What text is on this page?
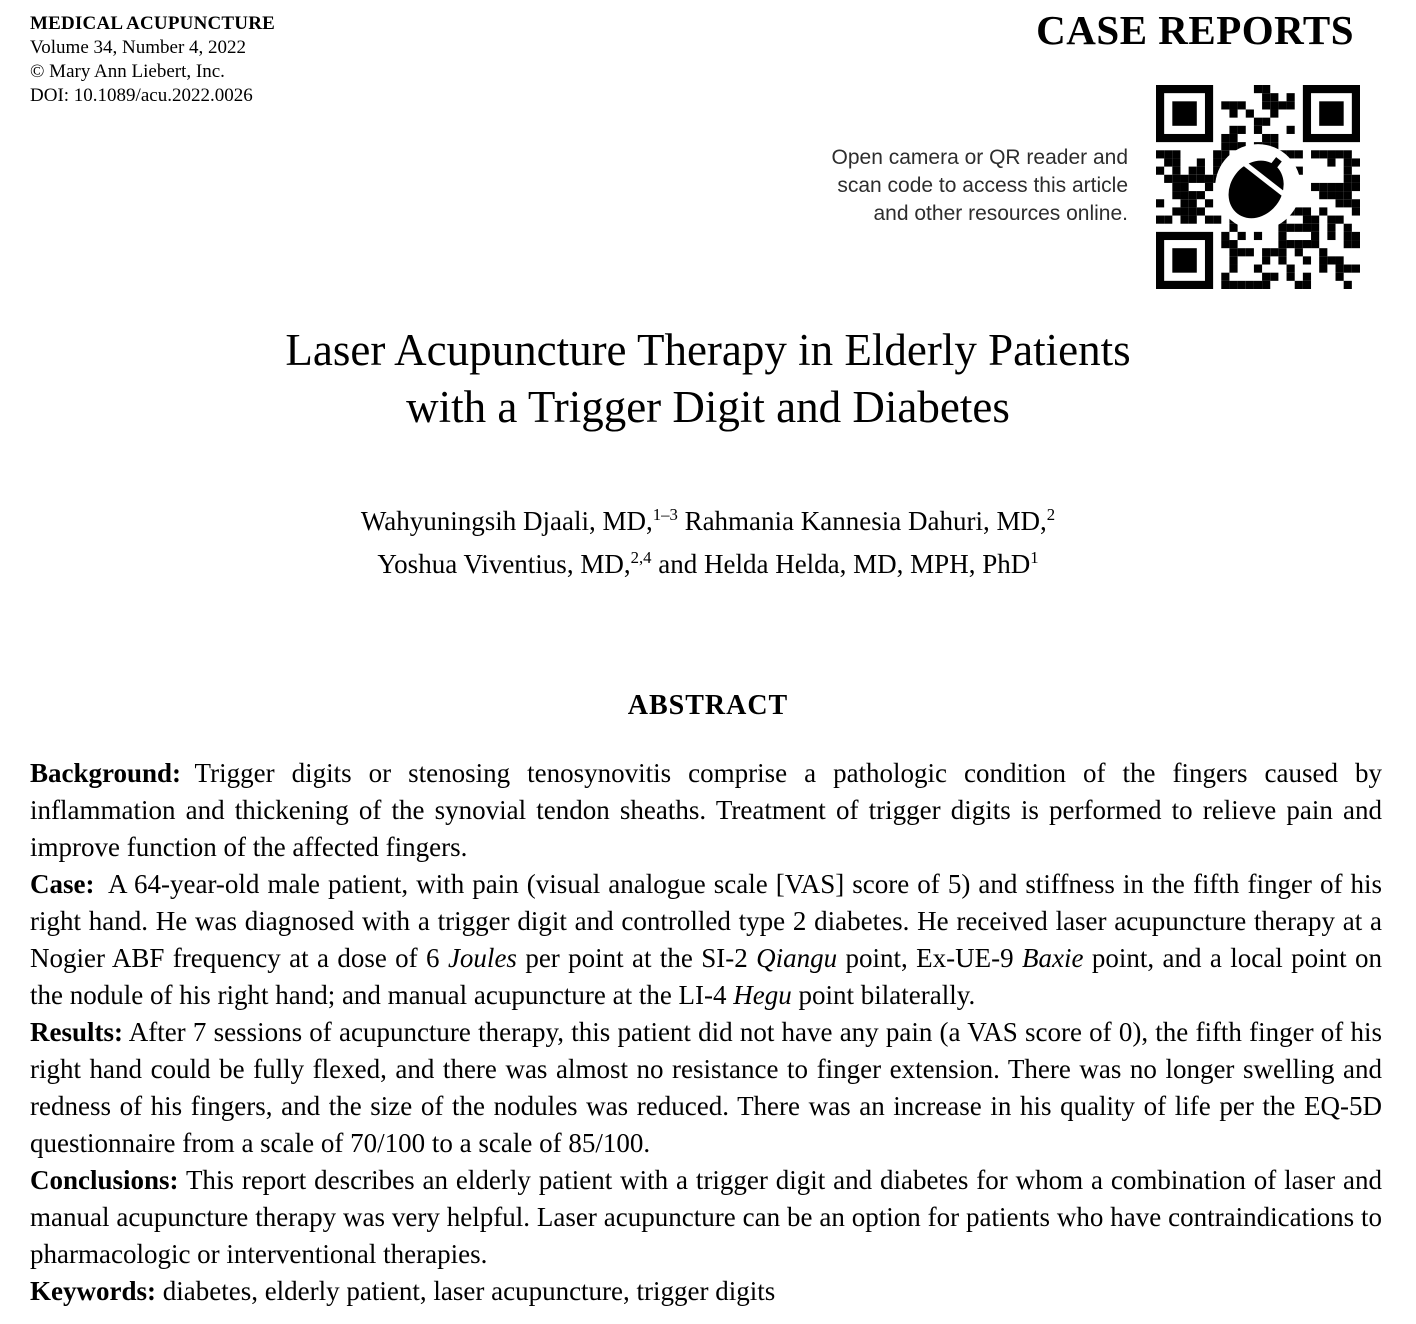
MEDICAL ACUPUNCTURE
Volume 34, Number 4, 2022
© Mary Ann Liebert, Inc.
DOI: 10.1089/acu.2022.0026
CASE REPORTS
Open camera or QR reader and
scan code to access this article
and other resources online.
Laser Acupuncture Therapy in Elderly Patients
with a Trigger Digit and Diabetes
Wahyuningsih Djaali, MD,$^{1-3}$ Rahmania Kannesia Dahuri, MD,$^2$
Yoshua Viventius, MD,$^{2,4}$ and Helda Helda, MD, MPH, PhD$^1$
ABSTRACT

Background: Trigger digits or stenosing tenosynovitis comprise a pathologic condition of the fingers caused by inflammation and thickening of the synovial tendon sheaths. Treatment of trigger digits is performed to relieve pain and improve function of the affected fingers.

Case: A 64-year-old male patient, with pain (visual analogue scale [VAS] score of 5) and stiffness in the fifth finger of his right hand. He was diagnosed with a trigger digit and controlled type 2 diabetes. He received laser acupuncture therapy at a Nogier ABF frequency at a dose of 6 Joules per point at the SI-2 Qiangu point, Ex-UE-9 Baxie point, and a local point on the nodule of his right hand; and manual acupuncture at the LI-4 Hegu point bilaterally.

Results: After 7 sessions of acupuncture therapy, this patient did not have any pain (a VAS score of 0), the fifth finger of his right hand could be fully flexed, and there was almost no resistance to finger extension. There was no longer swelling and redness of his fingers, and the size of the nodules was reduced. There was an increase in his quality of life per the EQ-5D questionnaire from a scale of 70/100 to a scale of 85/100.

Conclusions: This report describes an elderly patient with a trigger digit and diabetes for whom a combination of laser and manual acupuncture therapy was very helpful. Laser acupuncture can be an option for patients who have contraindications to pharmacologic or interventional therapies.

Keywords: diabetes, elderly patient, laser acupuncture, trigger digits
